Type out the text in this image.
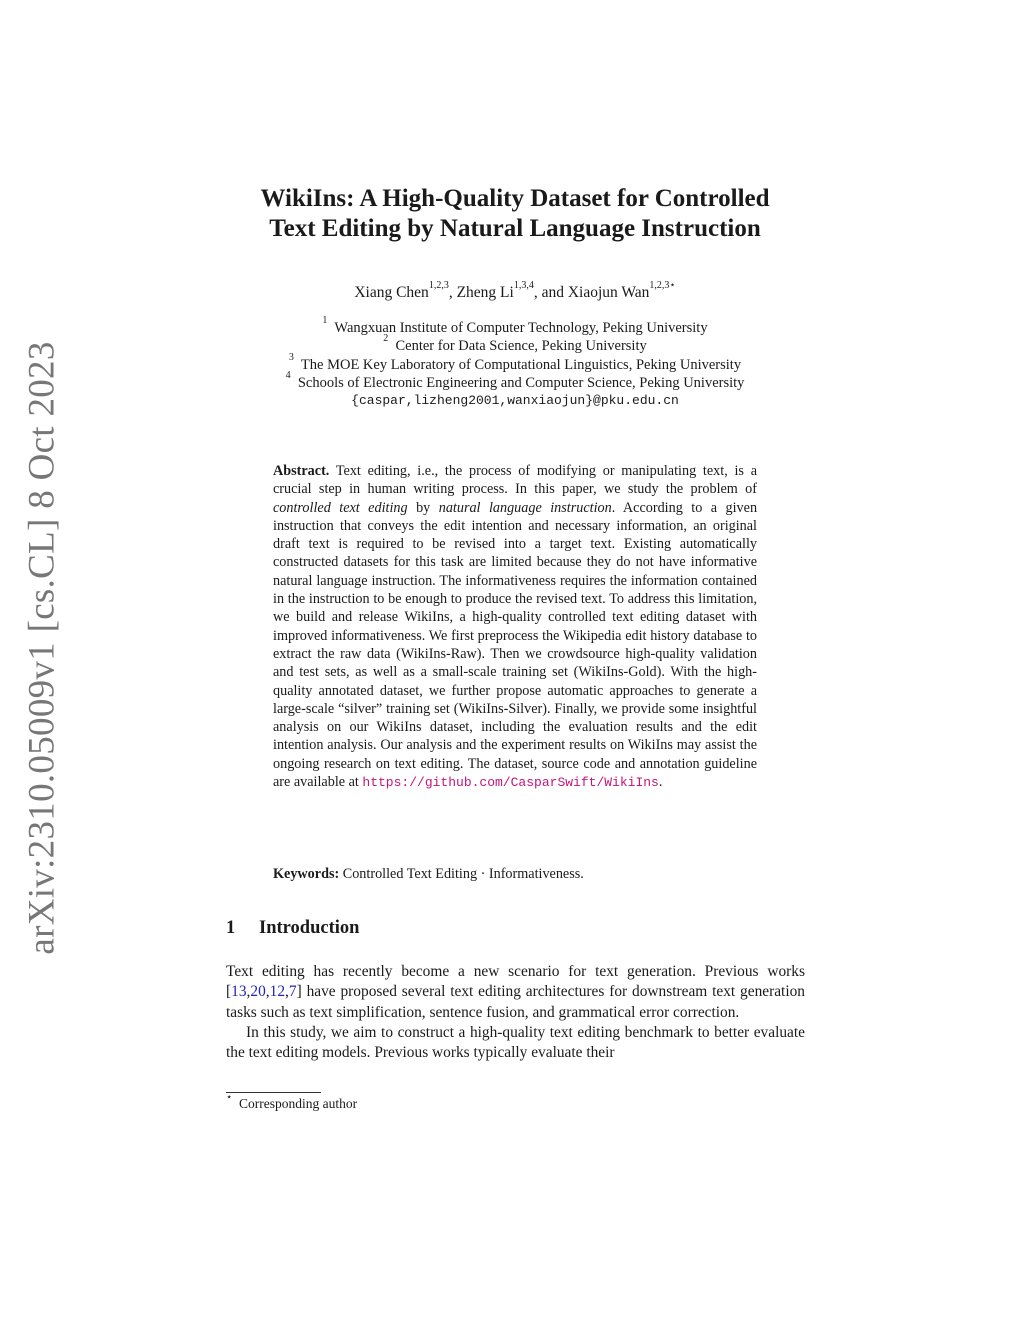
arXiv:2310.05009v1 [cs.CL] 8 Oct 2023
WikiIns: A High-Quality Dataset for Controlled
Text Editing by Natural Language Instruction
Xiang Chen$^{1,2,3}$, Zheng Li$^{1,3,4}$, and Xiaojun Wan$^{1,2,3⋆}$
$^1$ Wangxuan Institute of Computer Technology, Peking University
$^2$ Center for Data Science, Peking University
$^3$ The MOE Key Laboratory of Computational Linguistics, Peking University
$^4$ Schools of Electronic Engineering and Computer Science, Peking University
{caspar,lizheng2001,wanxiaojun}@pku.edu.cn
Abstract. Text editing, i.e., the process of modifying or manipulating text, is a crucial step in human writing process. In this paper, we study the problem of controlled text editing by natural language instruction. According to a given instruction that conveys the edit intention and necessary information, an original draft text is required to be revised into a target text. Existing automatically constructed datasets for this task are limited because they do not have informative natural language instruction. The informativeness requires the information contained in the instruction to be enough to produce the revised text. To address this limitation, we build and release WikiIns, a high-quality controlled text editing dataset with improved informativeness. We first preprocess the Wikipedia edit history database to extract the raw data (WikiIns-Raw). Then we crowdsource high-quality validation and test sets, as well as a small-scale training set (WikiIns-Gold). With the high-quality annotated dataset, we further propose automatic approaches to generate a large-scale “silver” training set (WikiIns-Silver). Finally, we provide some insightful analysis on our WikiIns dataset, including the evaluation results and the edit intention analysis. Our analysis and the experiment results on WikiIns may assist the ongoing research on text editing. The dataset, source code and annotation guideline are available at https://github.com/CasparSwift/WikiIns.
Keywords: Controlled Text Editing · Informativeness.
1 Introduction

Text editing has recently become a new scenario for text generation. Previous works [13,20,12,7] have proposed several text editing architectures for downstream text generation tasks such as text simplification, sentence fusion, and grammatical error correction.

In this study, we aim to construct a high-quality text editing benchmark to better evaluate the text editing models. Previous works typically evaluate their

⋆ Corresponding author
